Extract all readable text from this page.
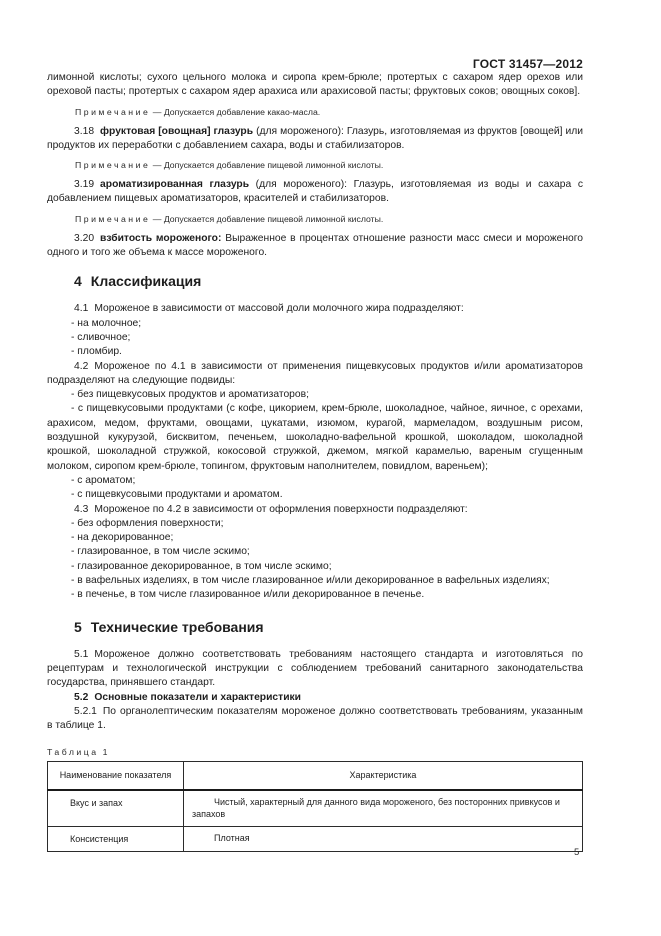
ГОСТ 31457—2012

лимонной кислоты; сухого цельного молока и сиропа крем-брюле; протертых с сахаром ядер орехов или ореховой пасты; протертых с сахаром ядер арахиса или арахисовой пасты; фруктовых соков; овощных соков].

Примечание — Допускается добавление какао-масла.

3.18 фруктовая [овощная] глазурь (для мороженого): Глазурь, изготовляемая из фруктов [овощей] или продуктов их переработки с добавлением сахара, воды и стабилизаторов.

Примечание — Допускается добавление пищевой лимонной кислоты.

3.19 ароматизированная глазурь (для мороженого): Глазурь, изготовляемая из воды и сахара с добавлением пищевых ароматизаторов, красителей и стабилизаторов.

Примечание — Допускается добавление пищевой лимонной кислоты.

3.20 взбитость мороженого: Выраженное в процентах отношение разности масс смеси и мороженого одного и того же объема к массе мороженого.

4 Классификация

4.1 Мороженое в зависимости от массовой доли молочного жира подразделяют:

- на молочное;

- сливочное;

- пломбир.

4.2 Мороженое по 4.1 в зависимости от применения пищевкусовых продуктов и/или ароматизаторов подразделяют на следующие подвиды:

- без пищевкусовых продуктов и ароматизаторов;

- с пищевкусовыми продуктами (с кофе, цикорием, крем-брюле, шоколадное, чайное, яичное, с орехами, арахисом, медом, фруктами, овощами, цукатами, изюмом, курагой, мармеладом, воздушным рисом, воздушной кукурузой, бисквитом, печеньем, шоколадно-вафельной крошкой, шоколадом, шоколадной крошкой, шоколадной стружкой, кокосовой стружкой, джемом, мягкой карамелью, вареным сгущенным молоком, сиропом крем-брюле, топингом, фруктовым наполнителем, повидлом, вареньем);

- с ароматом;

- с пищевкусовыми продуктами и ароматом.

4.3 Мороженое по 4.2 в зависимости от оформления поверхности подразделяют:

- без оформления поверхности;

- на декорированное;

- глазированное, в том числе эскимо;

- глазированное декорированное, в том числе эскимо;

- в вафельных изделиях, в том числе глазированное и/или декорированное в вафельных изделиях;

- в печенье, в том числе глазированное и/или декорированное в печенье.

5 Технические требования

5.1 Мороженое должно соответствовать требованиям настоящего стандарта и изготовляться по рецептурам и технологической инструкции с соблюдением требований санитарного законодательства государства, принявшего стандарт.

5.2 Основные показатели и характеристики

5.2.1 По органолептическим показателям мороженое должно соответствовать требованиям, указанным в таблице 1.

Таблица 1
Наименование показателя	Характеристика
Вкус и запах	Чистый, характерный для данного вида мороженого, без посторонних привкусов и запахов
Консистенция	Плотная
5
